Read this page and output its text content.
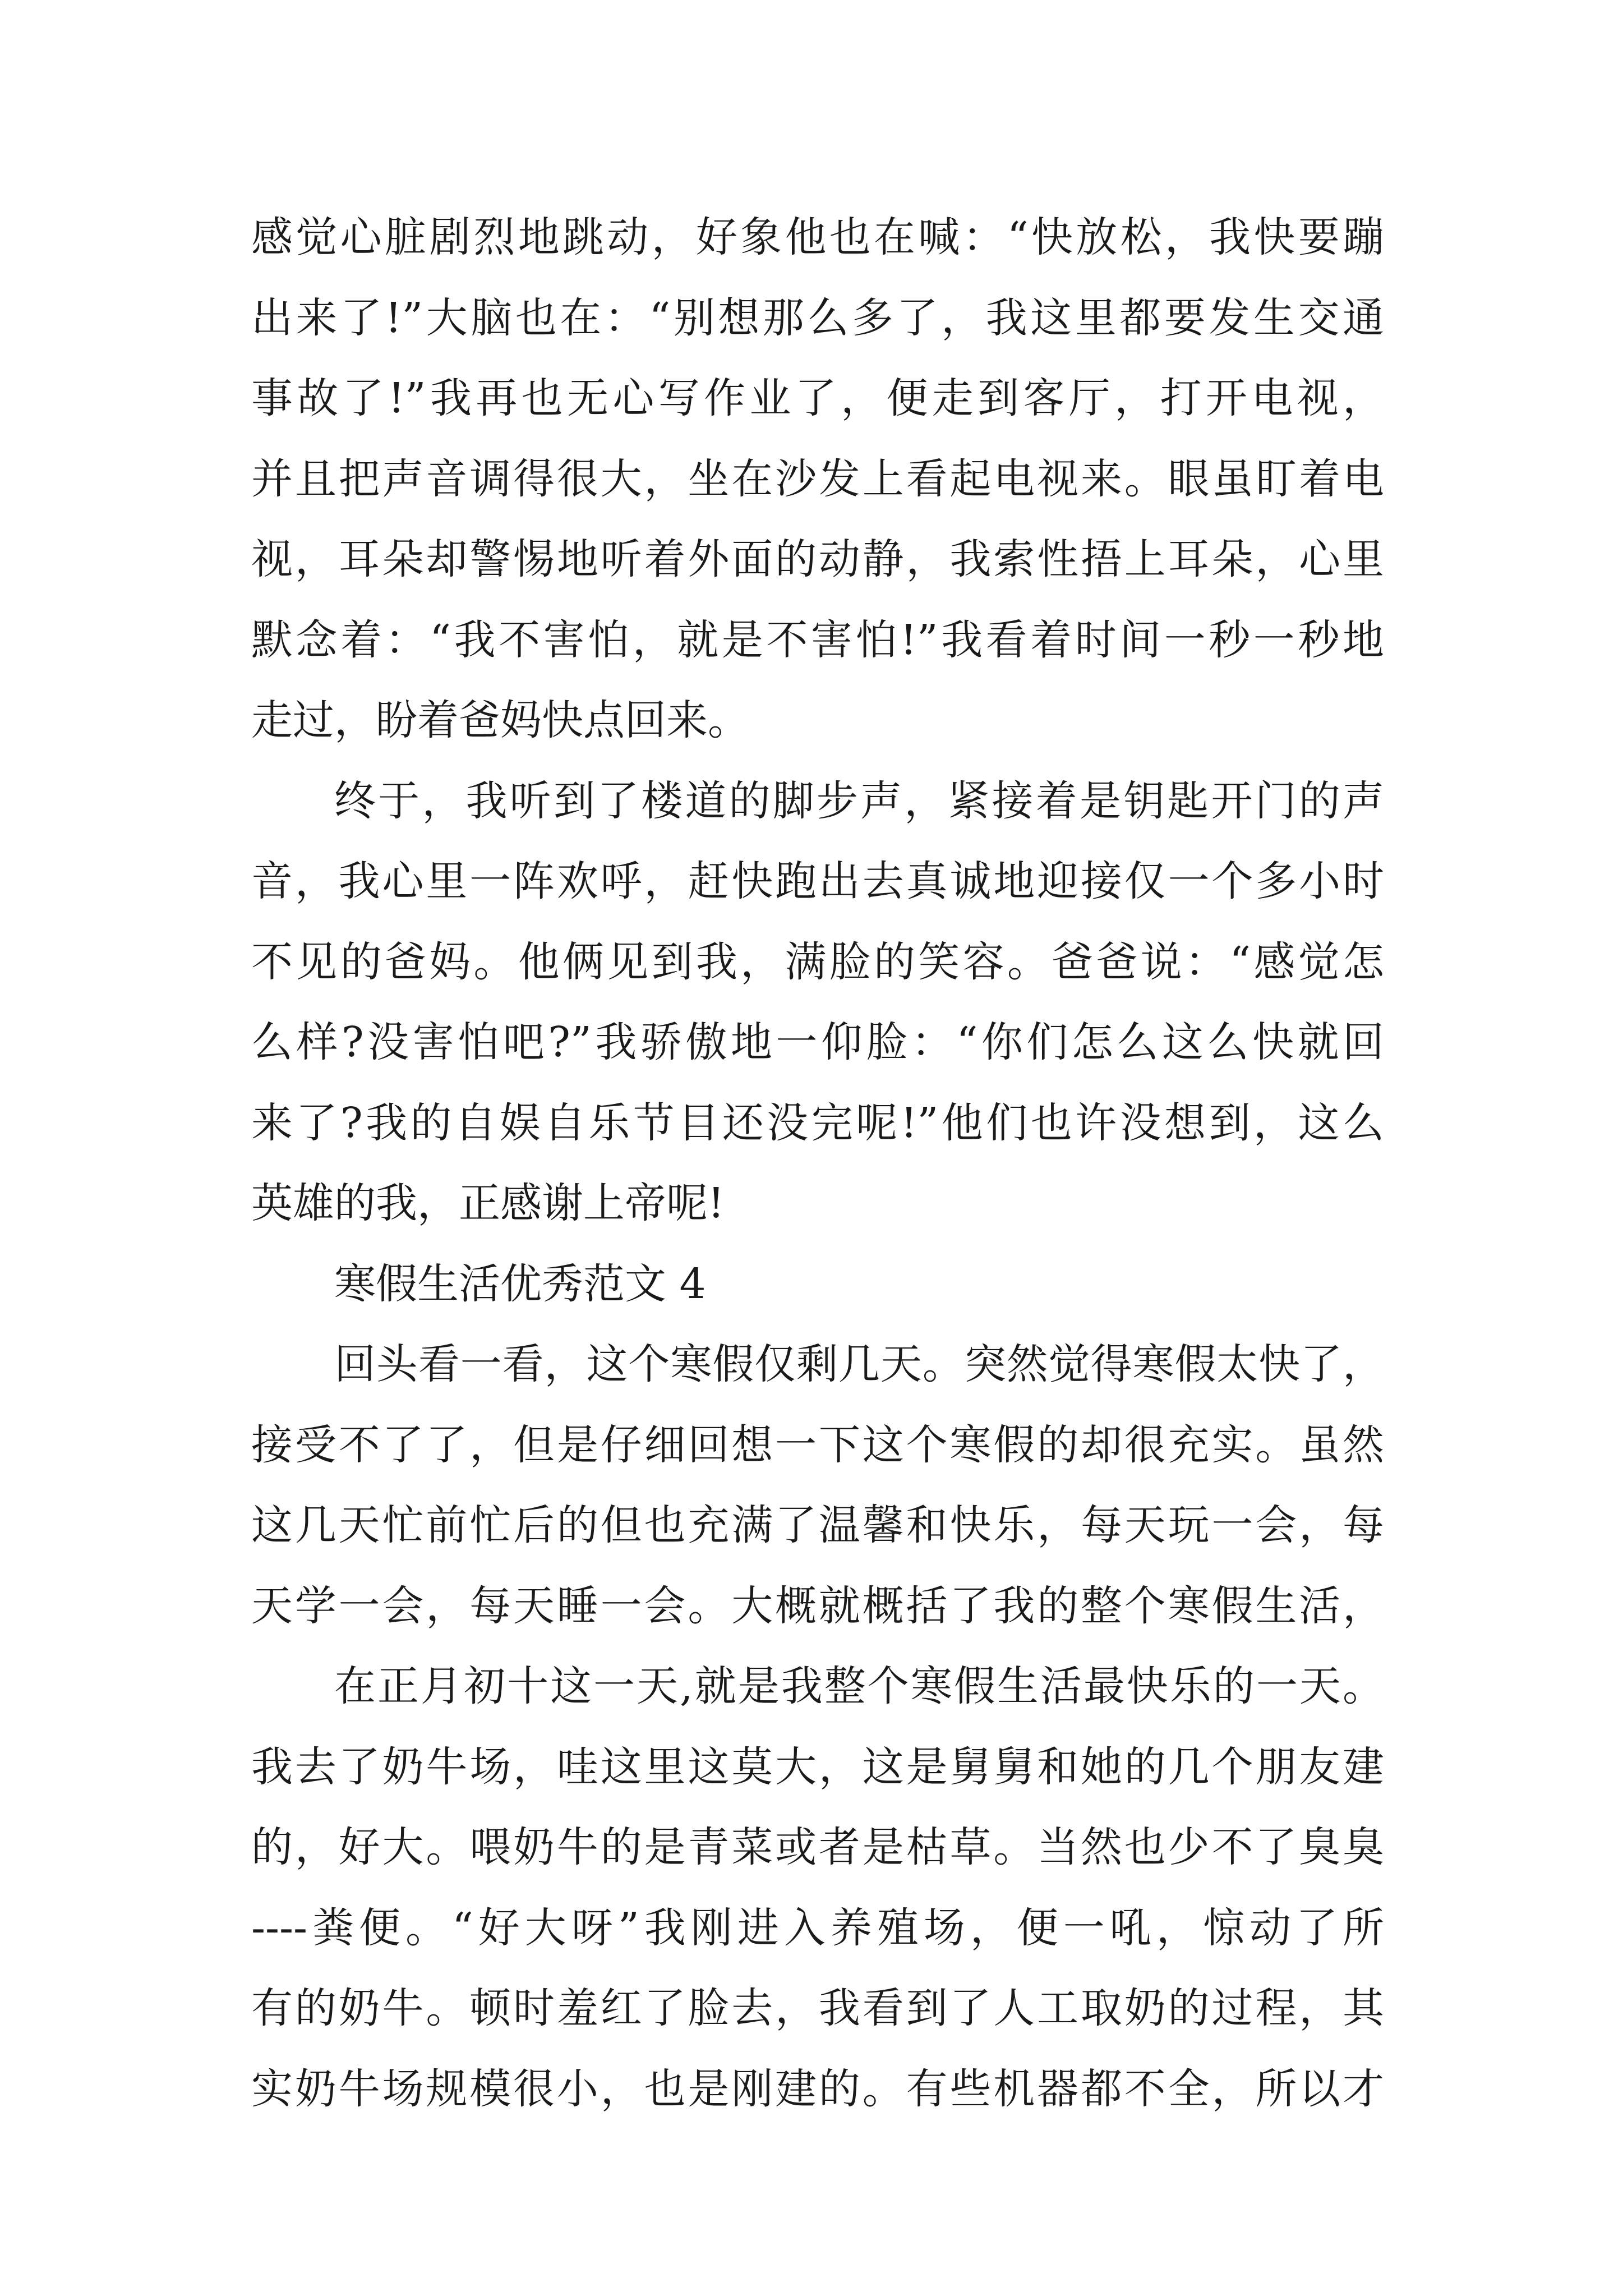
感觉心脏剧烈地跳动，好象他也在喊：“快放松，我快要蹦
出来了!”大脑也在：“别想那么多了，我这里都要发生交通
事故了!”我再也无心写作业了，便走到客厅，打开电视，
并且把声音调得很大，坐在沙发上看起电视来。眼虽盯着电
视，耳朵却警惕地听着外面的动静，我索性捂上耳朵，心里
默念着：“我不害怕，就是不害怕!”我看着时间一秒一秒地
走过，盼着爸妈快点回来。
终于，我听到了楼道的脚步声，紧接着是钥匙开门的声
音，我心里一阵欢呼，赶快跑出去真诚地迎接仅一个多小时
不见的爸妈。他俩见到我，满脸的笑容。爸爸说：“感觉怎
么样?没害怕吧?”我骄傲地一仰脸：“你们怎么这么快就回
来了?我的自娱自乐节目还没完呢!”他们也许没想到，这么
英雄的我，正感谢上帝呢!
寒假生活优秀范文 4
回头看一看，这个寒假仅剩几天。突然觉得寒假太快了，
接受不了了，但是仔细回想一下这个寒假的却很充实。虽然
这几天忙前忙后的但也充满了温馨和快乐，每天玩一会，每
天学一会，每天睡一会。大概就概括了我的整个寒假生活，
在正月初十这一天,就是我整个寒假生活最快乐的一天。
我去了奶牛场，哇这里这莫大，这是舅舅和她的几个朋友建
的，好大。喂奶牛的是青菜或者是枯草。当然也少不了臭臭
----粪便。“好大呀”我刚进入养殖场，便一吼，惊动了所
有的奶牛。顿时羞红了脸去，我看到了人工取奶的过程，其
实奶牛场规模很小，也是刚建的。有些机器都不全，所以才
